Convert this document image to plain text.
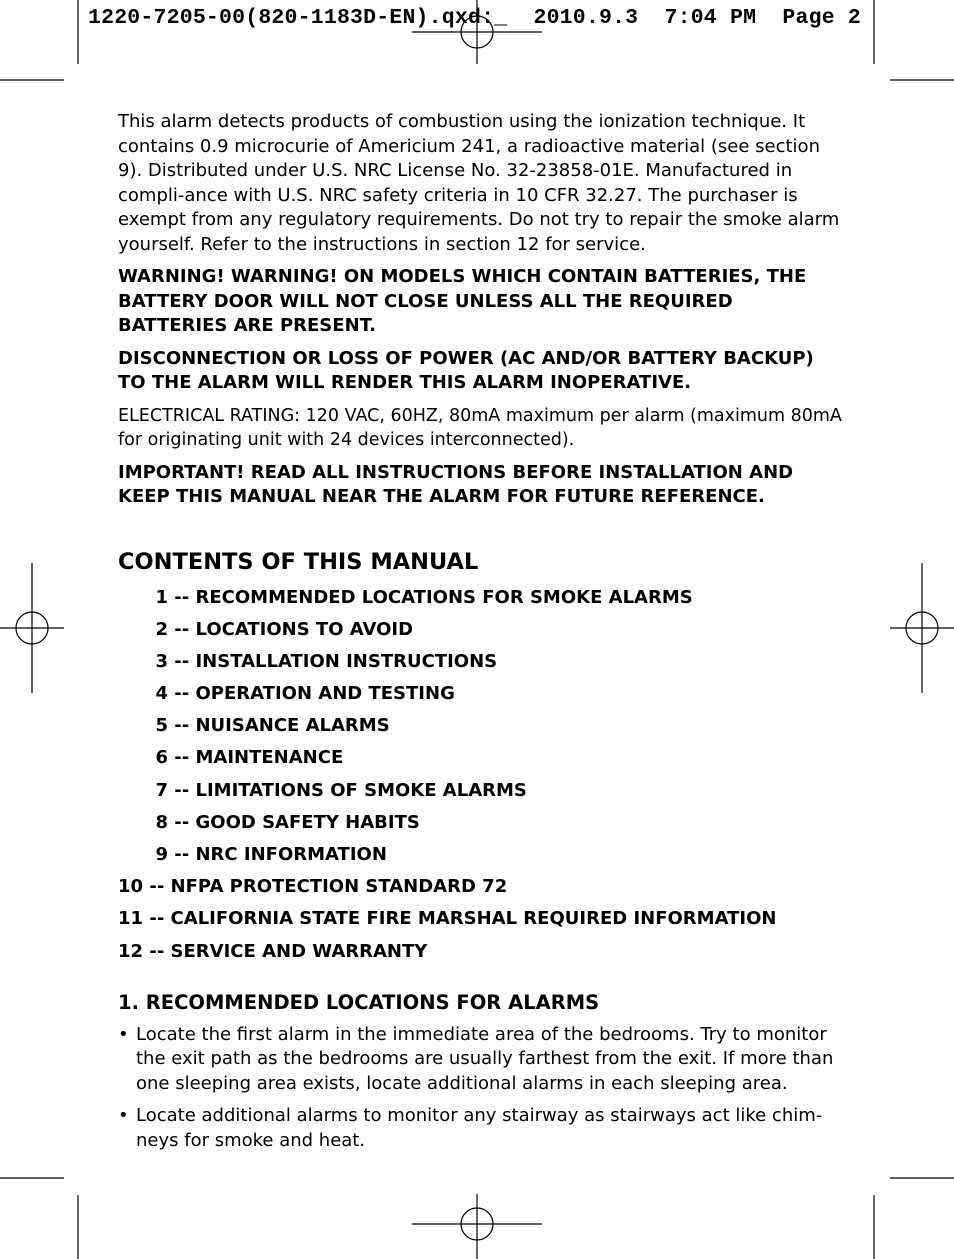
1220-7205-00(820-1183D-EN).qxd:_  2010.9.3  7:04 PM  Page 2

This alarm detects products of combustion using the ionization technique. It contains 0.9 microcurie of Americium 241, a radioactive material (see section 9). Distributed under U.S. NRC License No. 32-23858-01E. Manufactured in compli-ance with U.S. NRC safety criteria in 10 CFR 32.27. The purchaser is exempt from any regulatory requirements. Do not try to repair the smoke alarm yourself. Refer to the instructions in section 12 for service.

WARNING! WARNING! ON MODELS WHICH CONTAIN BATTERIES, THE BATTERY DOOR WILL NOT CLOSE UNLESS ALL THE REQUIRED BATTERIES ARE PRESENT.

DISCONNECTION OR LOSS OF POWER (AC AND/OR BATTERY BACKUP) TO THE ALARM WILL RENDER THIS ALARM INOPERATIVE.

ELECTRICAL RATING: 120 VAC, 60HZ, 80mA maximum per alarm (maximum 80mA for originating unit with 24 devices interconnected).

IMPORTANT! READ ALL INSTRUCTIONS BEFORE INSTALLATION AND KEEP THIS MANUAL NEAR THE ALARM FOR FUTURE REFERENCE.

CONTENTS OF THIS MANUAL
1 -- RECOMMENDED LOCATIONS FOR SMOKE ALARMS
2 -- LOCATIONS TO AVOID
3 -- INSTALLATION INSTRUCTIONS
4 -- OPERATION AND TESTING
5 -- NUISANCE ALARMS
6 -- MAINTENANCE
7 -- LIMITATIONS OF SMOKE ALARMS
8 -- GOOD SAFETY HABITS
9 -- NRC INFORMATION
10 -- NFPA PROTECTION STANDARD 72
11 -- CALIFORNIA STATE FIRE MARSHAL REQUIRED INFORMATION
12 -- SERVICE AND WARRANTY
1. RECOMMENDED LOCATIONS FOR ALARMS
• Locate the first alarm in the immediate area of the bedrooms. Try to monitor the exit path as the bedrooms are usually farthest from the exit. If more than one sleeping area exists, locate additional alarms in each sleeping area.
• Locate additional alarms to monitor any stairway as stairways act like chim-neys for smoke and heat.
